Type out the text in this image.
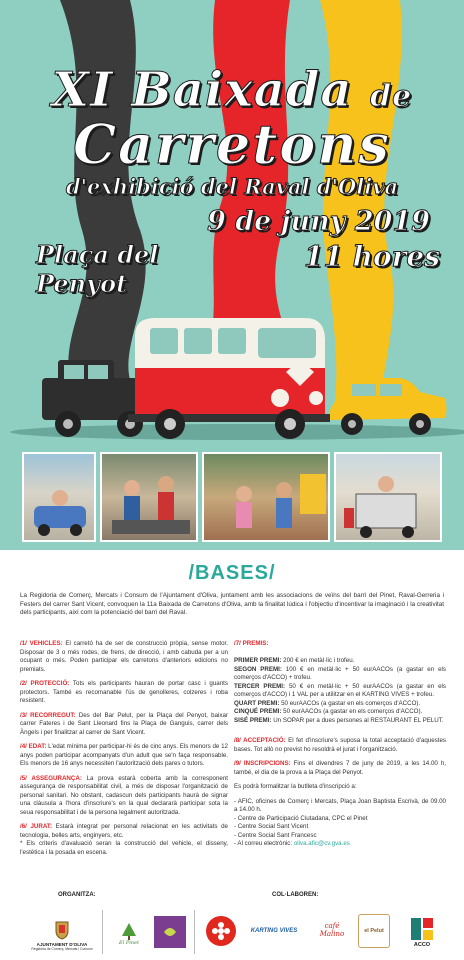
XI Baixada de
Carretons
d'exhibició del Raval d'Oliva
9 de juny 2019
Plaça del Penyot
11 hores
/BASES/
La Regidoria de Comerç, Mercats i Consum de l'Ajuntament d'Oliva, juntament amb les associacions de veïns del barri del Pinet, Raval-Gerreria i Festers del carrer Sant Vicent, convoquen la 11a Baixada de Carretons d'Oliva, amb la finalitat lúdica i l'objectiu d'incentivar la imaginació i la creativitat dels participants, així com la potenciació del barri del Raval.
/1/ VEHICLES: El carretó ha de ser de construcció pròpia, sense motor. Disposar de 3 o més rodes, de frens, de direcció, i amb cabuda per a un ocupant o més. Poden participar els carretons d'anteriors edicions no premiats.
/2/ PROTECCIÓ: Tots els participants hauran de portar casc i guants protectors. També es recomanable l'ús de genolleres, colzeres i roba resistent.
/3/ RECORREGUT: Des del Bar Pelut, per la Plaça del Penyot, baixar carrer Fateres i de Sant Lleonard fins la Plaça de Ganguis, carrer dels Àngels i per finalitzar al carrer de Sant Vicent.
/4/ EDAT: L'edat mínima per participar-hi és de cinc anys. Els menors de 12 anys poden participar acompanyats d'un adult que se'n faça responsable. Els menors de 16 anys necessiten l'autorització dels pares o tutors.
/5/ ASSEGURANÇA: La prova estarà coberta amb la corresponent assegurança de responsabilitat civil, a més de disposar l'organització de personal sanitari. No obstant, cadascun dels participants haurà de signar una clàusula a l'hora d'inscriure's en la qual declararà participar sota la seua responsabilitat i de la persona legalment autoritzada.
/6/ JURAT: Estarà integrat per personal relacionat en les activitats de tecnologia, belles arts, enginyers, etc.
* Els criteris d'avaluació seran la construcció del vehicle, el disseny, l'estètica i la posada en escena.
/7/ PREMIS:

PRIMER PREMI: 200 € en metàl·lic i trofeu.
SEGON PREMI: 100 € en metàl·lic + 50 eurAACOs (a gastar en els comerços d'ACCO) + trofeu.
TERCER PREMI: 50 € en metàl·lic + 50 eurAACOs (a gastar en els comerços d'ACCO) i 1 VAL per a utilitzar en el KARTING VIVES + trofeu.
QUART PREMI: 50 eurAACOs (a gastar en els comerços d'ACCO).
CINQUÉ PREMI: 50 eurAACOs (a gastar en els comerços d'ACCO).
SISÉ PREMI: Un SOPAR per a dues persones al RESTAURANT EL PELUT.
/8/ ACCEPTACIÓ: El fet d'inscriure's suposa la total acceptació d'aquestes bases. Tot allò no previst ho resoldrà el jurat i l'organització.
/9/ INSCRIPCIONS: Fins el divendres 7 de juny de 2019, a les 14.00 h, també, el dia de la prova a la Plaça del Penyot.
Es podrà formalitzar la butlleta d'inscripció a:
- AFIC, oficines de Comerç i Mercats, Plaça Joan Baptista Escrivà, de 09.00 a 14.00 h.
- Centre de Participació Ciutadana, CPC el Pinet
- Centre Social Sant Vicent
- Centre Social Sant Francesc
- Al correu electrònic: oliva.afic@cv.gva.es
ORGANITZA:	COL·LABOREN:
AJUNTAMENT D'OLIVA
Regidoria de Comerç, Mercats i Consum
El Pinet
KARTING VIVES
café Malino	el Pelut
ACCO
